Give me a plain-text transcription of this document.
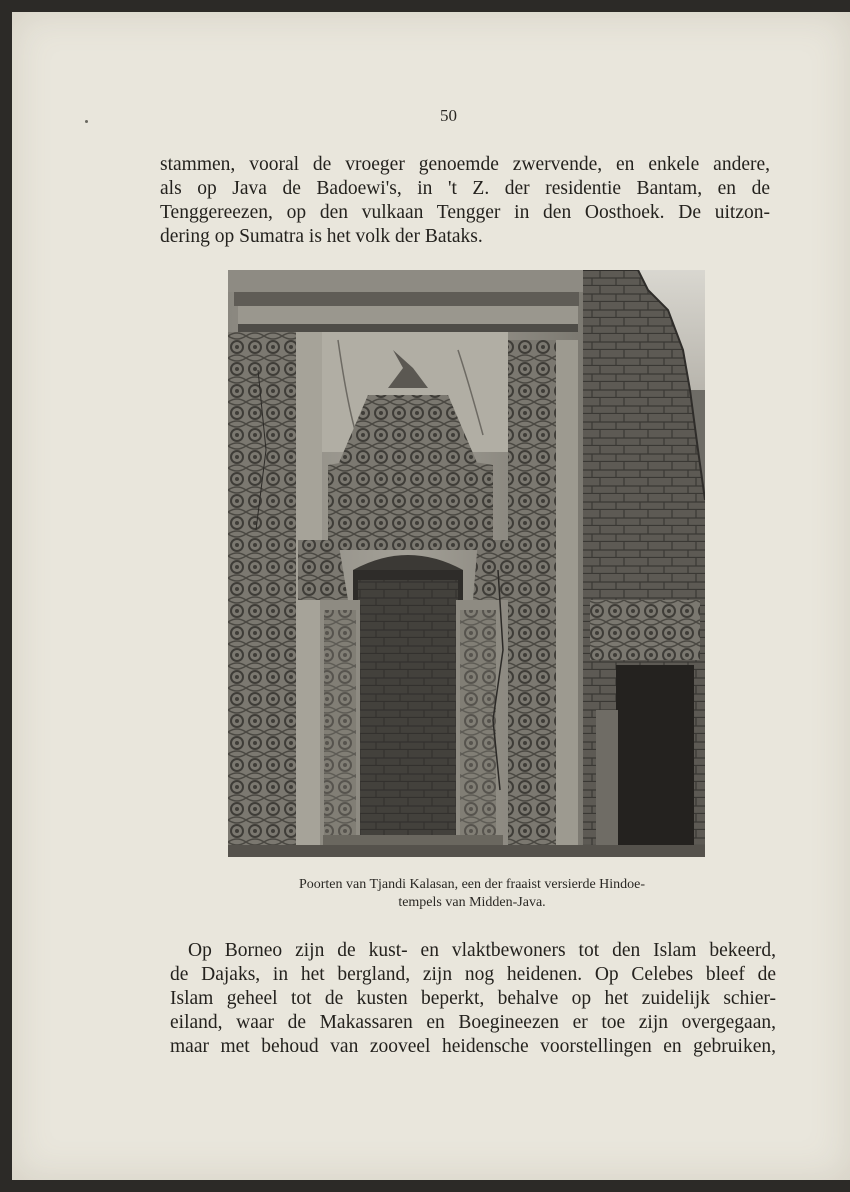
50

stammen, vooral de vroeger genoemde zwervende, en enkele andere,
als op Java de Badoewi's, in 't Z. der residentie Bantam, en de
Tenggereezen, op den vulkaan Tengger in den Oosthoek. De uitzon-
dering op Sumatra is het volk der Bataks.

Poorten van Tjandi Kalasan, een der fraaist versierde Hindoe-
tempels van Midden-Java.

Op Borneo zijn de kust- en vlaktbewoners tot den Islam bekeerd,
de Dajaks, in het bergland, zijn nog heidenen. Op Celebes bleef de
Islam geheel tot de kusten beperkt, behalve op het zuidelijk schier-
eiland, waar de Makassaren en Boegineezen er toe zijn overgegaan,
maar met behoud van zooveel heidensche voorstellingen en gebruiken,
